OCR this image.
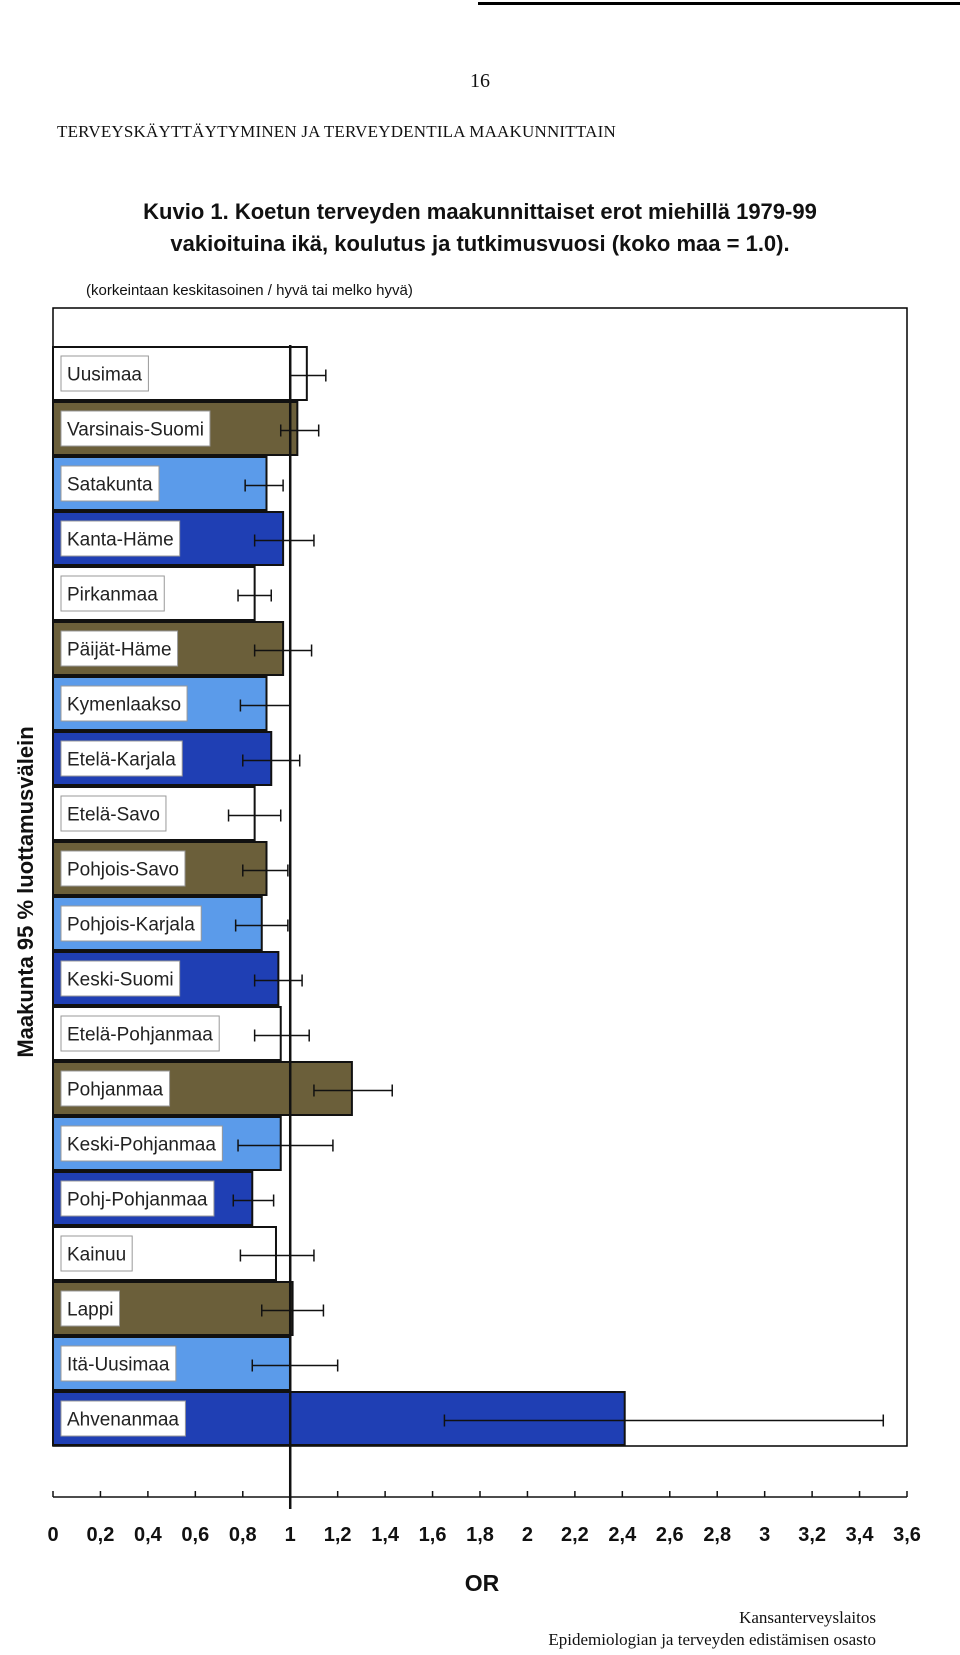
16
TERVEYSKÄYTTÄYTYMINEN JA TERVEYDENTILA MAAKUNNITTAIN
Kuvio 1. Koetun terveyden maakunnittaiset erot miehillä 1979-99
vakioituina ikä, koulutus ja tutkimusvuosi (koko maa = 1.0).
(korkeintaan keskitasoinen / hyvä tai melko hyvä)
Maakunta 95 % luottamusvälein
Uusimaa
Varsinais-Suomi
Satakunta
Kanta-Häme
Pirkanmaa
Päijät-Häme
Kymenlaakso
Etelä-Karjala
Etelä-Savo
Pohjois-Savo
Pohjois-Karjala
Keski-Suomi
Etelä-Pohjanmaa
Pohjanmaa
Keski-Pohjanmaa
Pohj-Pohjanmaa
Kainuu
Lappi
Itä-Uusimaa
Ahvenanmaa
0 0,2 0,4 0,6 0,8 1 1,2 1,4 1,6 1,8 2 2,2 2,4 2,6 2,8 3 3,2 3,4 3,6
OR
Kansanterveyslaitos
Epidemiologian ja terveyden edistämisen osasto
